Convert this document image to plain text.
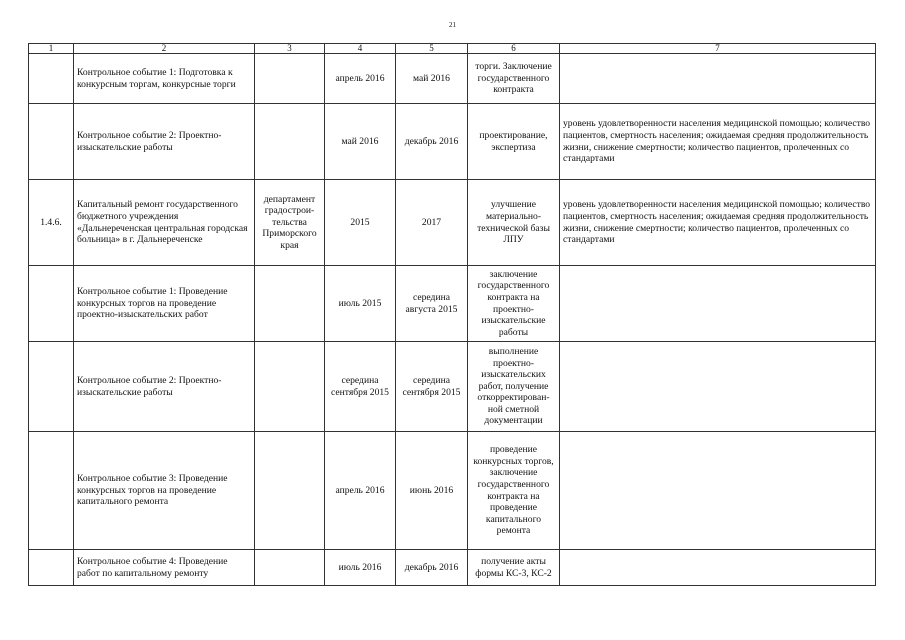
21
1	2	3	4	5	6	7
	Контрольное событие 1: Подготовка к конкурсным торгам, конкурсные торги		апрель 2016	май 2016	торги. Заключение государственного контракта	
	Контрольное событие 2: Проектно-изыскательские работы		май 2016	декабрь 2016	проектирование, экспертиза	уровень удовлетворенности населения медицинской помощью; количество пациентов, смертность населения; ожидаемая средняя продолжительность жизни, снижение смертности; количество пациентов, пролеченных со стандартами
1.4.6.	Капитальный ремонт государственного бюджетного учреждения «Дальнереченская центральная городская больница» в г. Дальнереченске	департамент градострои-тельства Приморского края	2015	2017	улучшение материально-технической базы ЛПУ	уровень удовлетворенности населения медицинской помощью; количество пациентов, смертность населения; ожидаемая средняя продолжительность жизни, снижение смертности; количество пациентов, пролеченных со стандартами
	Контрольное событие 1: Проведение конкурсных торгов на проведение проектно-изыскательских работ		июль 2015	середина августа 2015	заключение государственного контракта на проектно-изыскательские работы	
	Контрольное событие 2: Проектно-изыскательские работы		середина сентября 2015	середина сентября 2015	выполнение проектно-изыскательских работ, получение откорректирован-ной сметной документации	
	Контрольное событие 3: Проведение конкурсных торгов на проведение капитального ремонта		апрель 2016	июнь 2016	проведение конкурсных торгов, заключение государственного контракта на проведение капитального ремонта	
	Контрольное событие 4: Проведение работ по капитальному ремонту		июль 2016	декабрь 2016	получение акты формы КС-3, КС-2	
